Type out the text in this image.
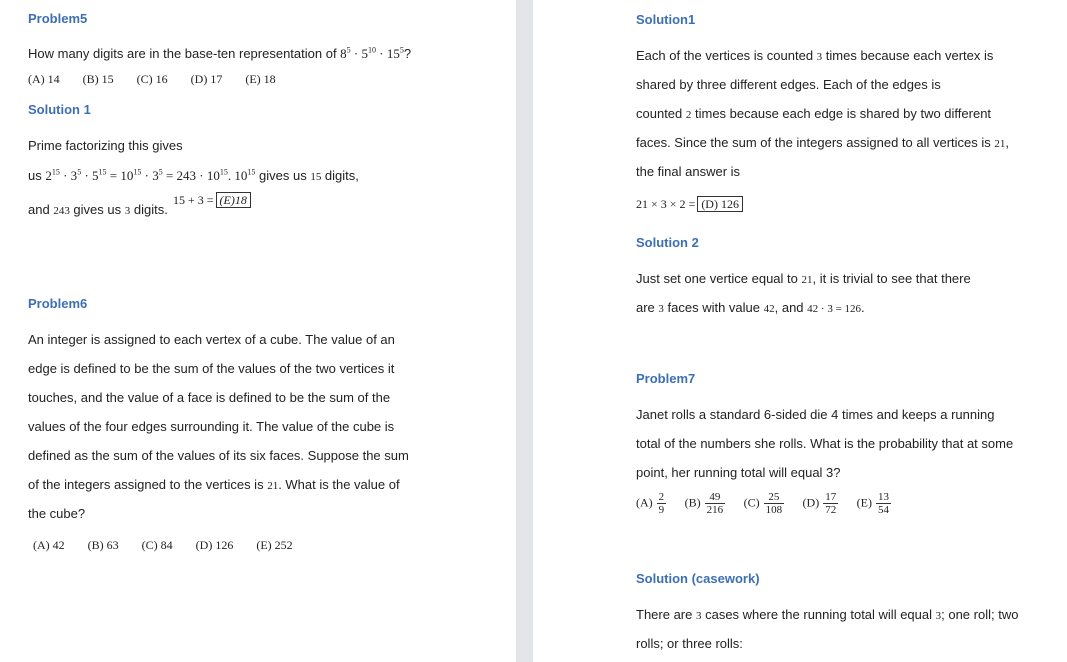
Problem5
How many digits are in the base-ten representation of $8^5 \cdot 5^{10} \cdot 15^5$?
(A) 14 (B) 15 (C) 16 (D) 17 (E) 18
Solution 1
Prime factorizing this gives
us $2^{15} \cdot 3^5 \cdot 5^{15} = 10^{15} \cdot 3^5 = 243 \cdot 10^{15}$. $10^{15}$ gives us 15 digits,
and 243 gives us 3 digits.
15 + 3 = (E)18
Problem6
An integer is assigned to each vertex of a cube. The value of an
edge is defined to be the sum of the values of the two vertices it
touches, and the value of a face is defined to be the sum of the
values of the four edges surrounding it. The value of the cube is
defined as the sum of the values of its six faces. Suppose the sum
of the integers assigned to the vertices is 21. What is the value of
the cube?
(A) 42 (B) 63 (C) 84 (D) 126 (E) 252
Solution1
Each of the vertices is counted 3 times because each vertex is
shared by three different edges. Each of the edges is
counted 2 times because each edge is shared by two different
faces. Since the sum of the integers assigned to all vertices is 21,
the final answer is
21 × 3 × 2 = (D) 126
Solution 2
Just set one vertice equal to 21, it is trivial to see that there
are 3 faces with value 42, and 42 · 3 = 126.
Problem7
Janet rolls a standard 6-sided die 4 times and keeps a running
total of the numbers she rolls. What is the probability that at some
point, her running total will equal 3?
$(A) \frac{2}{9} (B) \frac{49}{216} (C) \frac{25}{108} (D) \frac{17}{72} (E) \frac{13}{54}$
Solution (casework)
There are 3 cases where the running total will equal 3; one roll; two
rolls; or three rolls:
